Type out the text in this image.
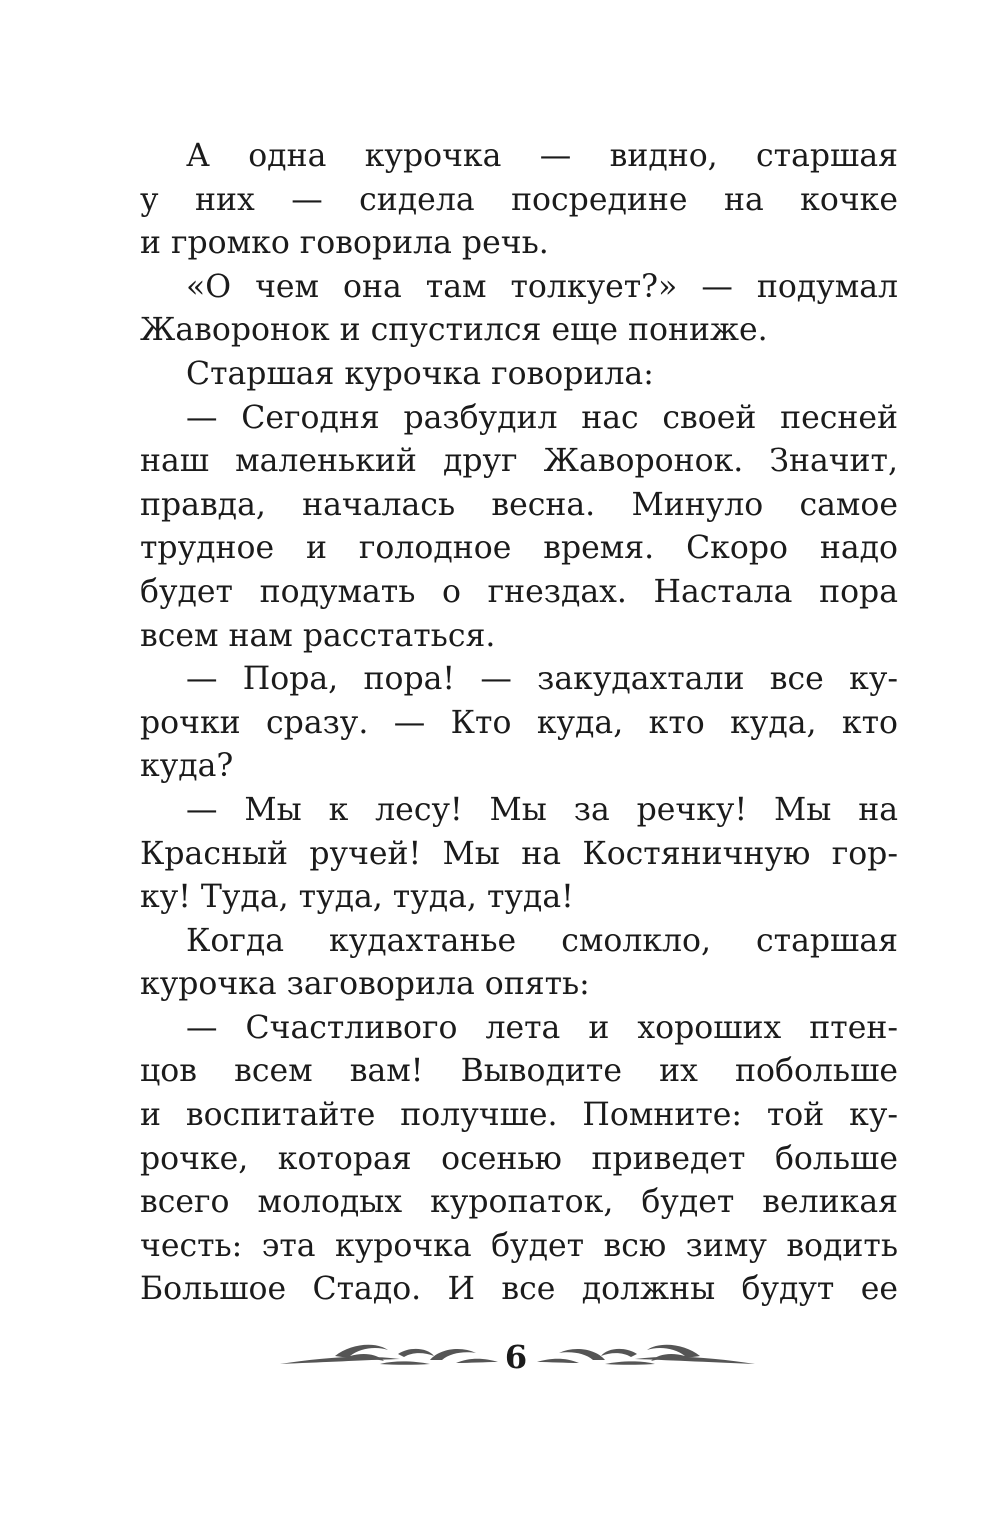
А одна курочка — видно, старшая
у них — сидела посредине на кочке
и громко говорила речь.
«О чем она там толкует?» — подумал
Жаворонок и спустился еще пониже.
Старшая курочка говорила:
— Сегодня разбудил нас своей песней
наш маленький друг Жаворонок. Значит,
правда, началась весна. Минуло самое
трудное и голодное время. Скоро надо
будет подумать о гнездах. Настала пора
всем нам расстаться.
— Пора, пора! — закудахтали все ку-
рочки сразу. — Кто куда, кто куда, кто
куда?
— Мы к лесу! Мы за речку! Мы на
Красный ручей! Мы на Костяничную гор-
ку! Туда, туда, туда, туда!
Когда кудахтанье смолкло, старшая
курочка заговорила опять:
— Счастливого лета и хороших птен-
цов всем вам! Выводите их побольше
и воспитайте получше. Помните: той ку-
рочке, которая осенью приведет больше
всего молодых куропаток, будет великая
честь: эта курочка будет всю зиму водить
Большое Стадо. И все должны будут ее
6
